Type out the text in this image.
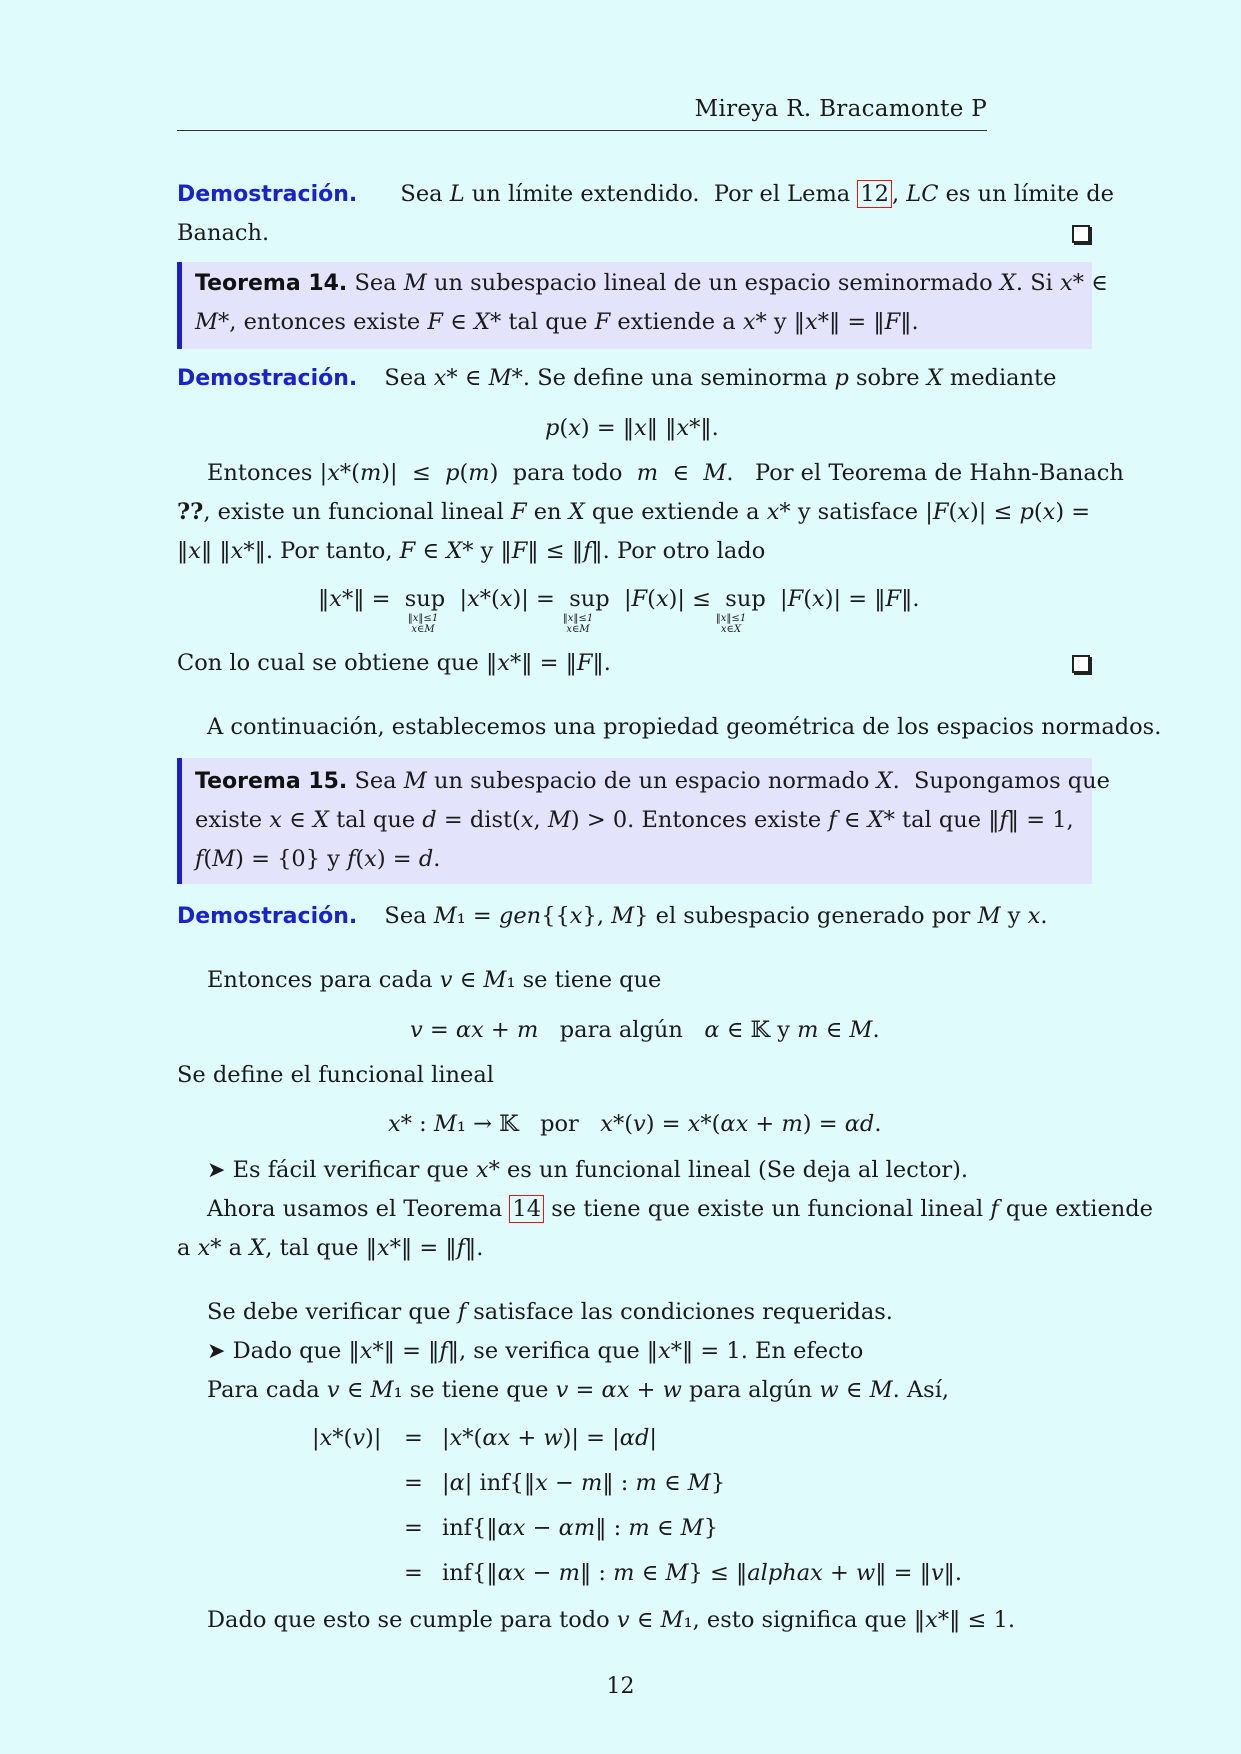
Mireya R. Bracamonte P
Demostración. Sea L un límite extendido.  Por el Lema 12 , LC es un límite de
Banach.
Teorema 14. Sea M un subespacio lineal de un espacio seminormado X. Si x* ∈
M*, entonces existe F ∈ X* tal que F extiende a x* y ‖x*‖ = ‖F‖.
Demostración. Sea x* ∈ M*. Se define una seminorma p sobre X mediante
p(x) = ‖x‖ ‖x*‖.
Entonces |x*(m)|  ≤  p(m)  para todo  m  ∈  M.   Por el Teorema de Hahn-Banach
??, existe un funcional lineal F en X que extiende a x* y satisface |F(x)| ≤ p(x) =
‖x‖ ‖x*‖. Por tanto, F ∈ X* y ‖F‖ ≤ ‖f‖. Por otro lado
‖x*‖ =  sup  |x*(x)| =  sup  |F(x)| ≤  sup  |F(x)| = ‖F‖.
‖x‖≤1
x∈M
‖x‖≤1
x∈M
‖x‖≤1
x∈X
Con lo cual se obtiene que ‖x*‖ = ‖F‖.
A continuación, establecemos una propiedad geométrica de los espacios normados.
Teorema 15. Sea M un subespacio de un espacio normado X.  Supongamos que
existe x ∈ X tal que d = dist(x, M) > 0. Entonces existe f ∈ X* tal que ‖f‖ = 1,
f(M) = {0} y f(x) = d.
Demostración. Sea M₁ = gen{{x}, M} el subespacio generado por M y x.
Entonces para cada v ∈ M₁ se tiene que
v = αx + m   para algún   α ∈ 𝕂 y m ∈ M.
Se define el funcional lineal
x* : M₁ → 𝕂   por   x*(v) = x*(αx + m) = αd.
➤ Es fácil verificar que x* es un funcional lineal (Se deja al lector).
Ahora usamos el Teorema 14 se tiene que existe un funcional lineal f que extiende
a x* a X, tal que ‖x*‖ = ‖f‖.
Se debe verificar que f satisface las condiciones requeridas.
➤ Dado que ‖x*‖ = ‖f‖, se verifica que ‖x*‖ = 1. En efecto
Para cada v ∈ M₁ se tiene que v = αx + w para algún w ∈ M. Así,
|x*(v)| = |x*(αx + w)| = |αd|
= |α| inf{‖x − m‖ : m ∈ M}
= inf{‖αx − αm‖ : m ∈ M}
= inf{‖αx − m‖ : m ∈ M} ≤ ‖alphax + w‖ = ‖v‖.
Dado que esto se cumple para todo v ∈ M₁, esto significa que ‖x*‖ ≤ 1.
12
